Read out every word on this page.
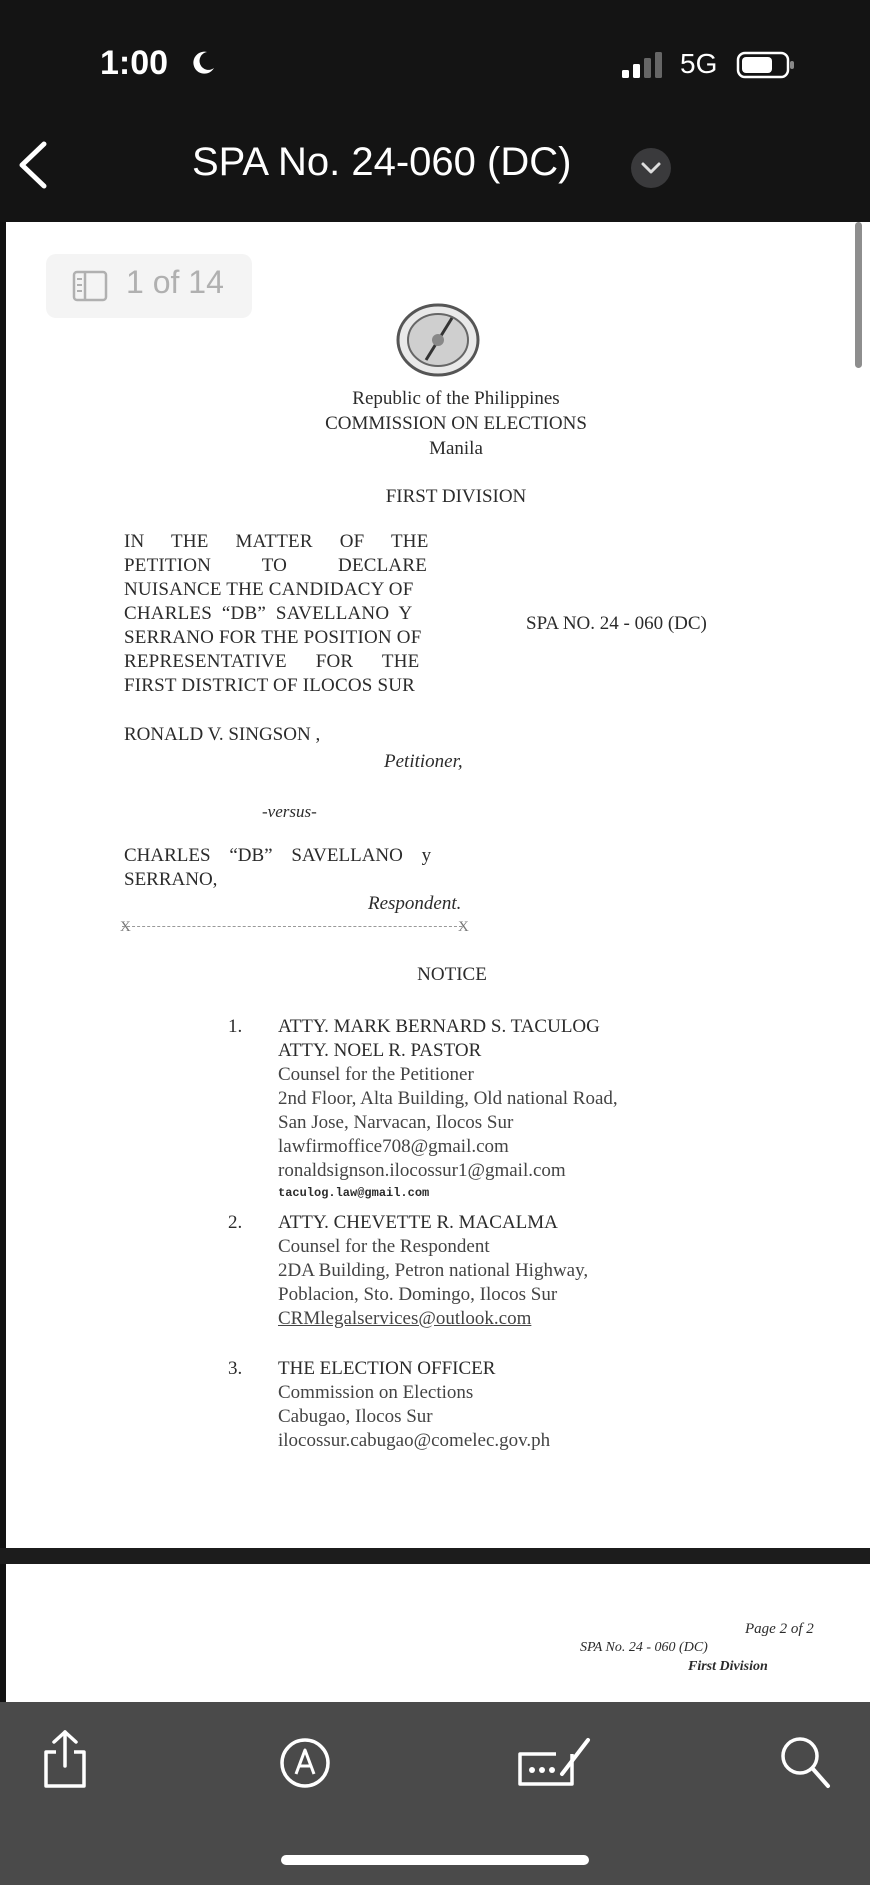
1:00	5G
SPA No. 24-060 (DC)
1 of 14
Republic of the Philippines
COMMISSION ON ELECTIONS
Manila
FIRST DIVISION
IN THE MATTER OF THE
PETITION TO DECLARE
NUISANCE THE CANDIDACY OF
CHARLES “DB” SAVELLANO Y
SERRANO FOR THE POSITION OF
REPRESENTATIVE FOR THE
FIRST DISTRICT OF ILOCOS SUR
SPA NO. 24 - 060 (DC)
RONALD V. SINGSON ,
Petitioner,
-versus-
CHARLES “DB” SAVELLANO y
SERRANO,
Respondent.
X	X
NOTICE
1. ATTY. MARK BERNARD S. TACULOG
ATTY. NOEL R. PASTOR
Counsel for the Petitioner
2nd Floor, Alta Building, Old national Road,
San Jose, Narvacan, Ilocos Sur
lawfirmoffice708@gmail.com
ronaldsignson.ilocossur1@gmail.com
taculog.law@gmail.com
2. ATTY. CHEVETTE R. MACALMA
Counsel for the Respondent
2DA Building, Petron national Highway,
Poblacion, Sto. Domingo, Ilocos Sur
CRMlegalservices@outlook.com
3. THE ELECTION OFFICER
Commission on Elections
Cabugao, Ilocos Sur
ilocossur.cabugao@comelec.gov.ph
Page 2 of 2
SPA No. 24 - 060 (DC)
First Division
